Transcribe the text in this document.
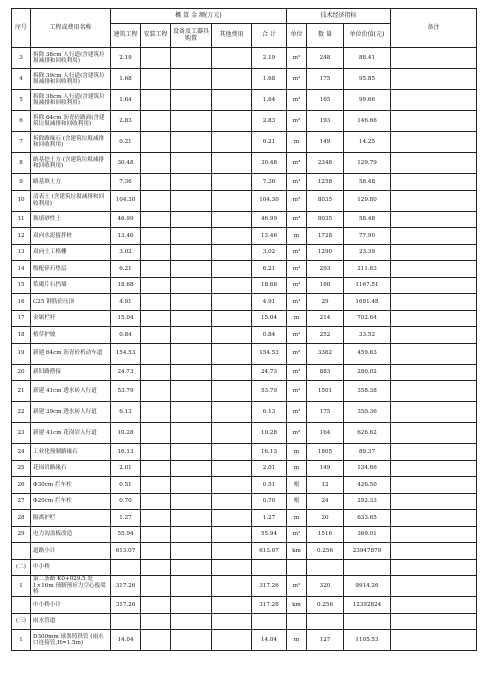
序号	工程或费用名称	概 算 金 额(万元)					技术经济指标			备注
		建筑工程	安装工程	设备及工器具购置	其他费用	合 计	单位	数 量	单位价值(元)	
3	拆除 36cm 人行道(含建筑垃圾减排和回收利用)	2.19				2.19	m²	248	88.41	
4	拆除 39cm 人行道(含建筑垃圾减排和回收利用)	1.68				1.68	m²	175	95.85	
5	拆除 38cm 人行道(含建筑垃圾减排和回收利用)	1.64				1.64	m²	165	99.66	
6	拆除 64cm 沥青砼路面(含建筑垃圾减排和回收利用)	2.83				2.83	m²	193	146.66	
7	拆除路缘石 (含建筑垃圾减排和回收利用)	0.21				0.21	m	149	14.25	
8	路基挖土方 (含建筑垃圾减排和回收利用)	30.48				30.48	m³	2348	129.79	
9	路基填土方	7.36				7.36	m³	1258	58.48	
10	清表土 (含建筑垃圾减排和回收利用)	104.30				104.30	m³	8035	129.80	
11	换填砂性土	46.99				46.99	m³	8035	58.48	
12	双向水泥搅拌桩	13.46				13.46	m	1728	77.90	
13	双向土工格栅	3.02				3.02	m²	1290	23.39	
14	级配碎石垫层	6.21				6.21	m³	293	211.83	
15	浆砌片石挡墙	18.68				18.68	m³	160	1167.51	
16	C25 钢筋砼压顶	4.91				4.91	m³	29	1691.48	
17	金属栏杆	15.04				15.04	m	214	702.64	
18	植草护坡	0.84				0.84	m²	252	33.52	
19	新建 64cm 沥青砼机动车道	154.53				154.53	m²	3362	459.63	
20	新旧路搭接	24.73				24.73	m²	883	280.02	
21	新建 41cm 透水砖人行道	53.79				53.79	m²	1501	358.38	
22	新建 39cm 透水砖人行道	6.13				6.13	m²	175	350.36	
23	新建 41cm 花岗岩人行道	10.28				10.28	m²	164	626.62	
24	工业化预制路缘石	16.13				16.13	m	1805	89.37	
25	花岗岩路缘石	2.01				2.01	m	149	134.66	
26	Φ30cm 拦车柱	0.51				0.51	根	12	426.50	
27	Φ20cm 拦车柱	0.70				0.70	根	24	292.33	
28	隔离护栏	1.27				1.27	m	20	633.65	
29	电力沟盖板改造	55.94				55.94	m²	1516	369.01	
	道路小计	613.07				613.07	km	0.256	23947879	
(二)	中小桥									
1	第二条路 K0+029.5 处 1×16m 预制预应力空心板梁桥	317.26				317.26	m²	320	9914.26	
	中小桥小计	317.26				317.26	km	0.256	12392824	
(三)	雨水管道									
1	D300mm 球墨铸铁管 (雨水口连接管,H=1.5m)	14.04				14.04	m	127	1105.53	
